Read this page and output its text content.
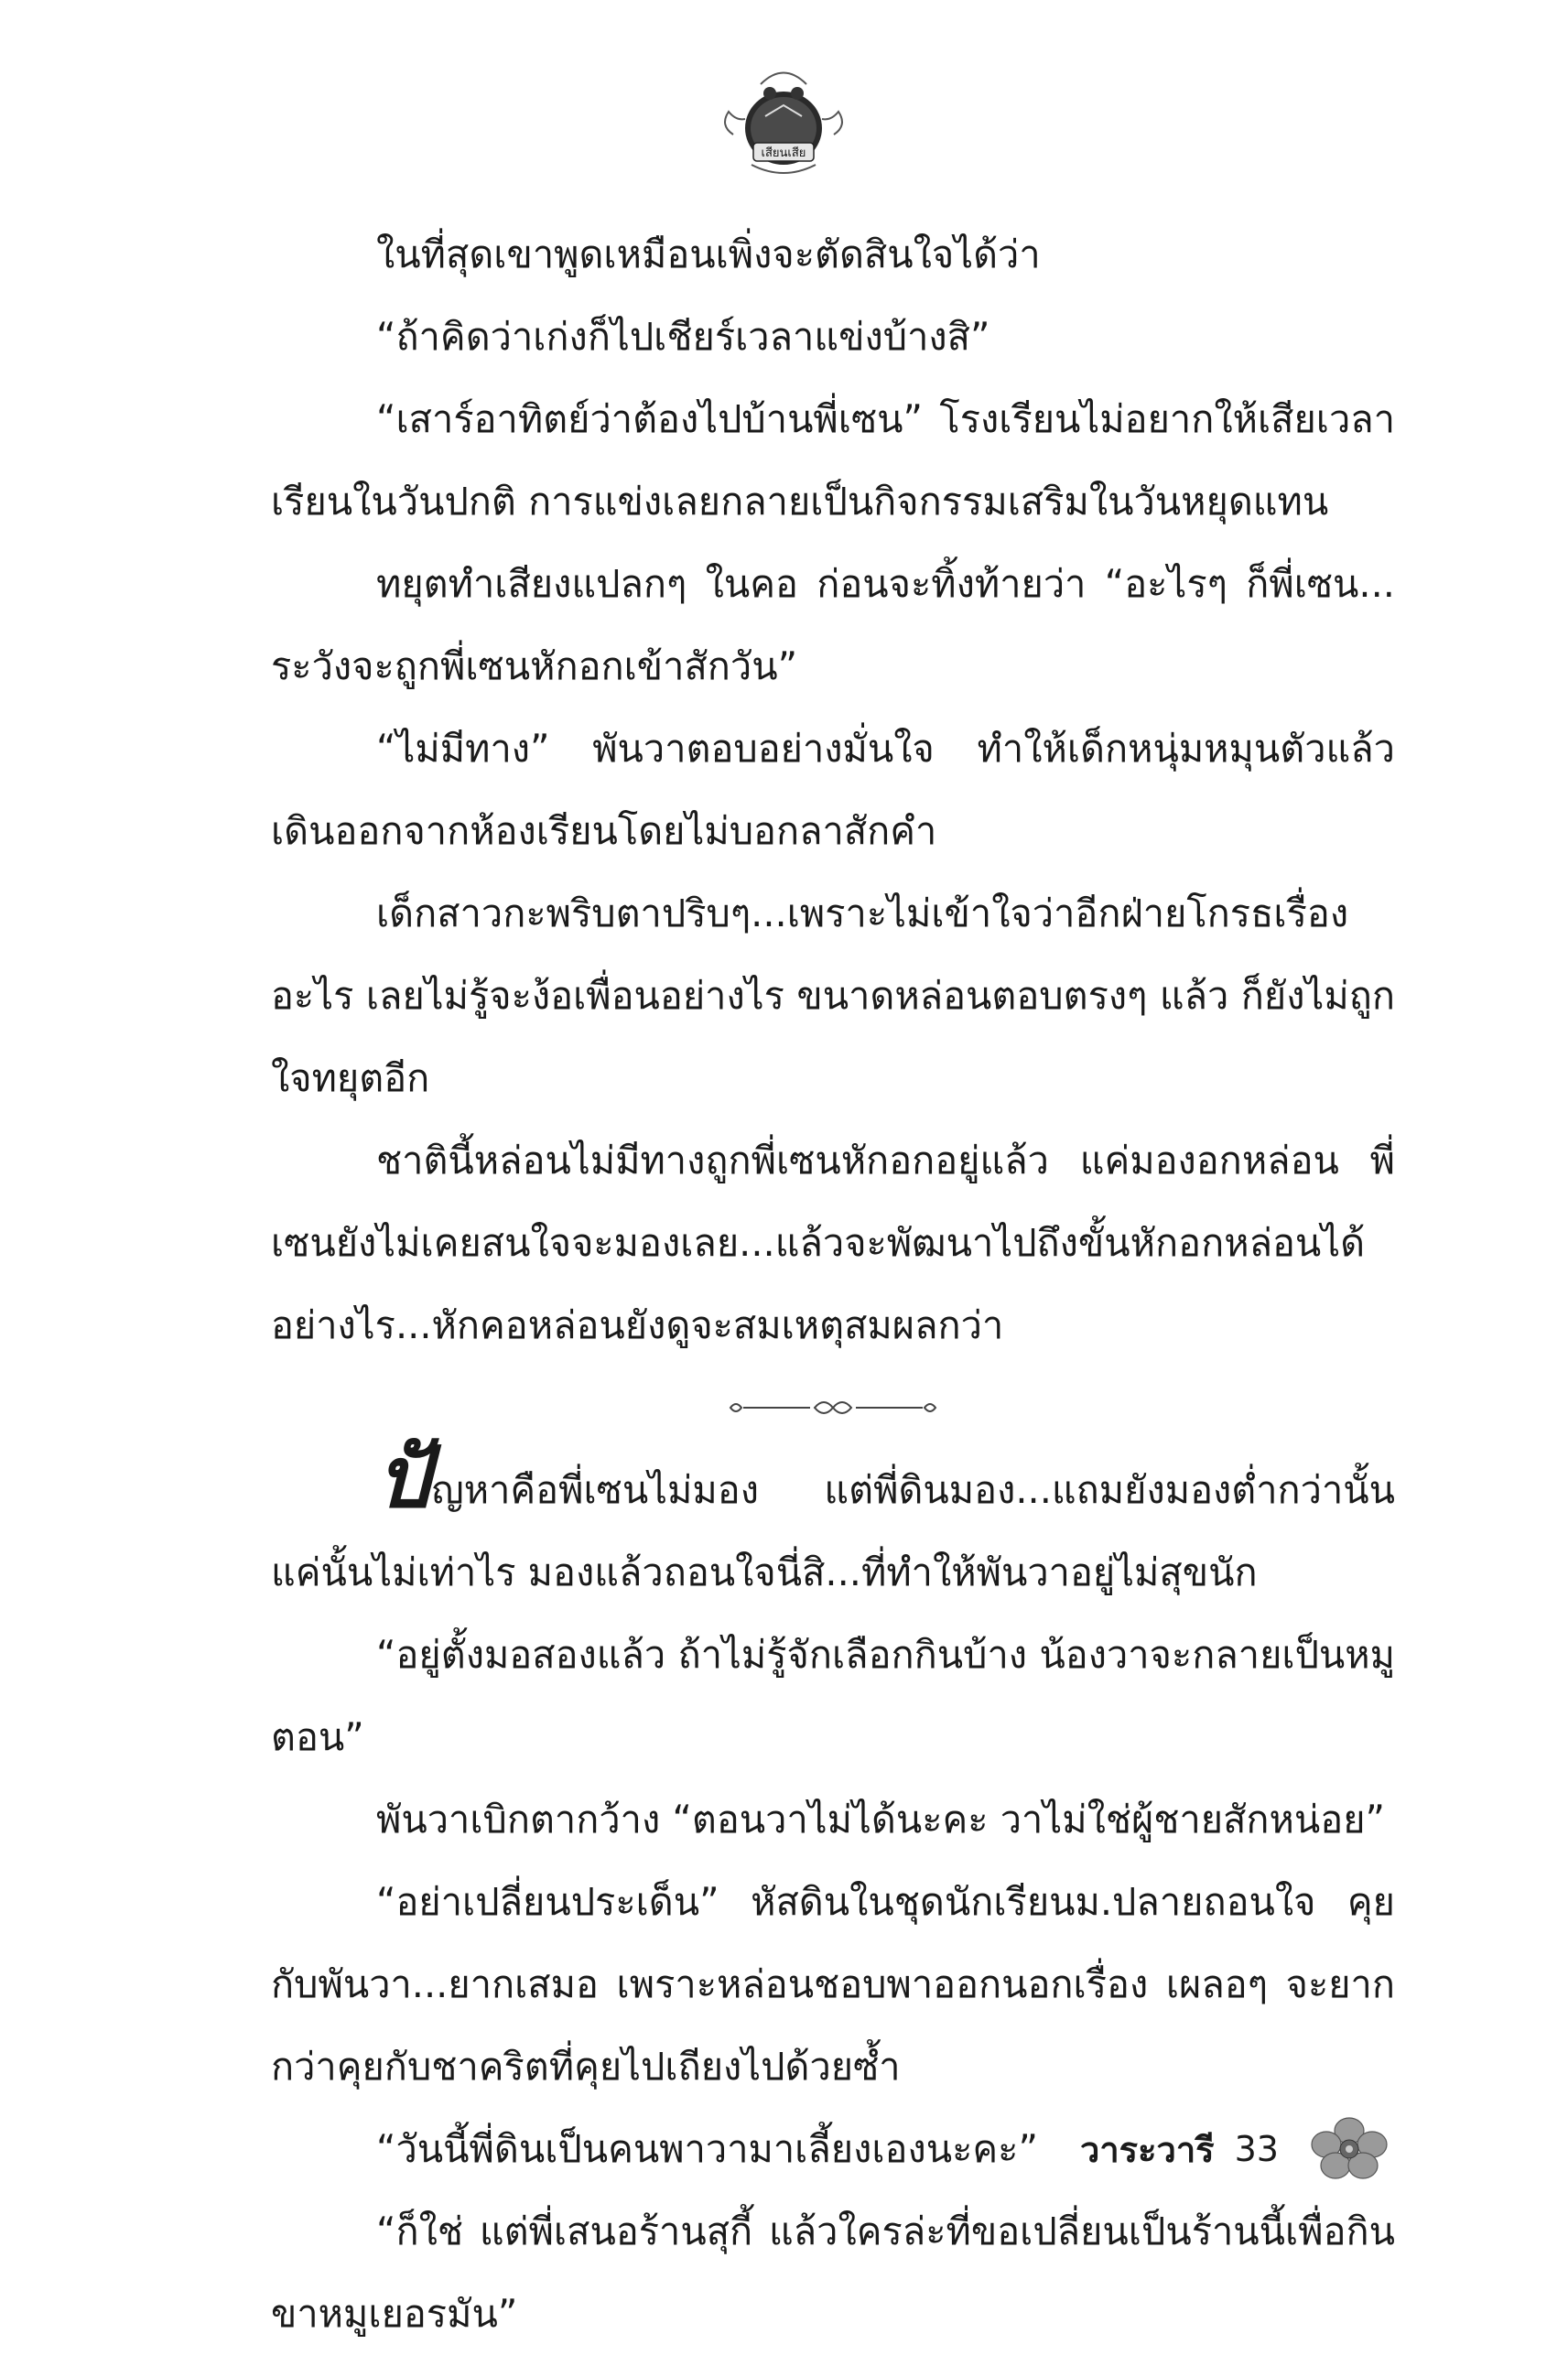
เสียนเสีย

ในที่สุดเขาพูดเหมือนเพิ่งจะตัดสินใจได้ว่า

“ถ้าคิดว่าเก่งก็ไปเชียร์เวลาแข่งบ้างสิ”

“เสาร์อาทิตย์ว่าต้องไปบ้านพี่เซน” โรงเรียนไม่อยากให้เสียเวลาเรียนในวันปกติ การแข่งเลยกลายเป็นกิจกรรมเสริมในวันหยุดแทน

ทยุตทำเสียงแปลกๆ ในคอ ก่อนจะทิ้งท้ายว่า “อะไรๆ ก็พี่เซน... ระวังจะถูกพี่เซนหักอกเข้าสักวัน”

“ไม่มีทาง” พันวาตอบอย่างมั่นใจ ทำให้เด็กหนุ่มหมุนตัวแล้วเดินออกจากห้องเรียนโดยไม่บอกลาสักคำ

เด็กสาวกะพริบตาปริบๆ...เพราะไม่เข้าใจว่าอีกฝ่ายโกรธเรื่องอะไร เลยไม่รู้จะง้อเพื่อนอย่างไร ขนาดหล่อนตอบตรงๆ แล้ว ก็ยังไม่ถูกใจทยุตอีก

ชาตินี้หล่อนไม่มีทางถูกพี่เซนหักอกอยู่แล้ว แค่มองอกหล่อน พี่เซนยังไม่เคยสนใจจะมองเลย...แล้วจะพัฒนาไปถึงขั้นหักอกหล่อนได้อย่างไร...หักคอหล่อนยังดูจะสมเหตุสมผลกว่า

ปัญหาคือพี่เซนไม่มอง แต่พี่ดินมอง...แถมยังมองต่ำกว่านั้น แค่นั้นไม่เท่าไร มองแล้วถอนใจนี่สิ...ที่ทำให้พันวาอยู่ไม่สุขนัก

“อยู่ตั้งมอสองแล้ว ถ้าไม่รู้จักเลือกกินบ้าง น้องวาจะกลายเป็นหมูตอน”

พันวาเบิกตากว้าง “ตอนวาไม่ได้นะคะ วาไม่ใช่ผู้ชายสักหน่อย”

“อย่าเปลี่ยนประเด็น” หัสดินในชุดนักเรียนม.ปลายถอนใจ คุยกับพันวา...ยากเสมอ เพราะหล่อนชอบพาออกนอกเรื่อง เผลอๆ จะยากกว่าคุยกับชาคริตที่คุยไปเถียงไปด้วยซ้ำ

“วันนี้พี่ดินเป็นคนพาวามาเลี้ยงเองนะคะ”

“ก็ใช่ แต่พี่เสนอร้านสุกี้ แล้วใครล่ะที่ขอเปลี่ยนเป็นร้านนี้เพื่อกินขาหมูเยอรมัน”

วาระวารี 33
